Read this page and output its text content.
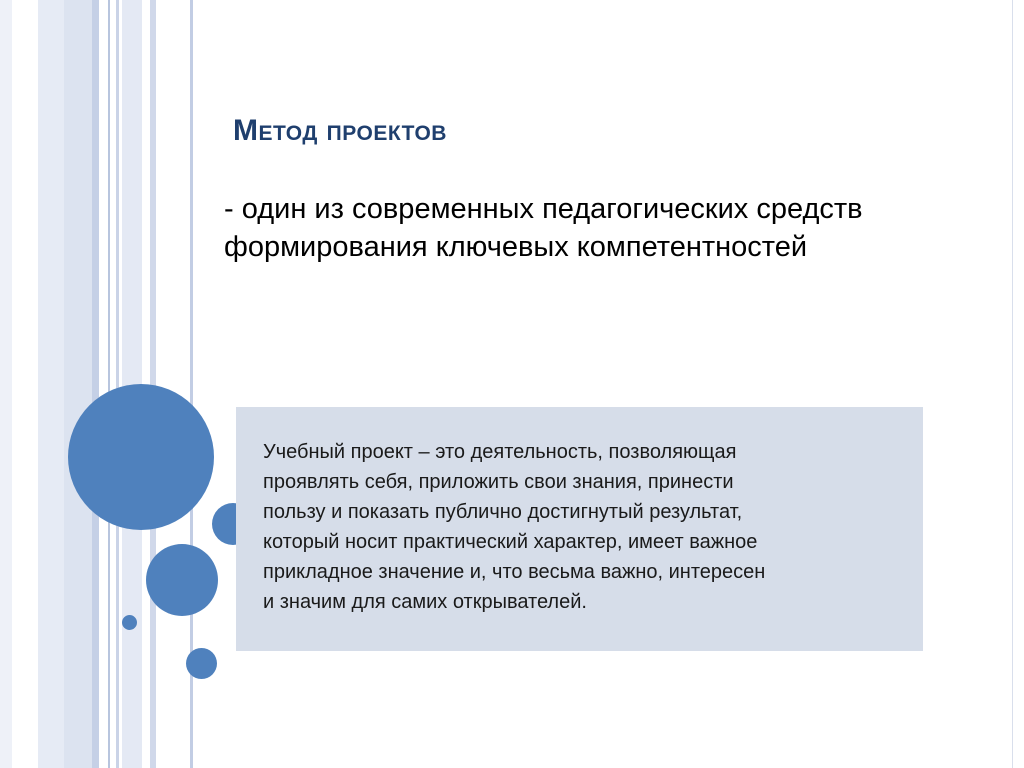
Метод проектов

- один из современных педагогических средств формирования ключевых компетентностей

Учебный проект – это деятельность, позволяющая
проявлять себя, приложить свои знания, принести
пользу и показать публично достигнутый результат,
который носит практический характер, имеет важное
прикладное значение и, что весьма важно, интересен
и значим для самих открывателей.
